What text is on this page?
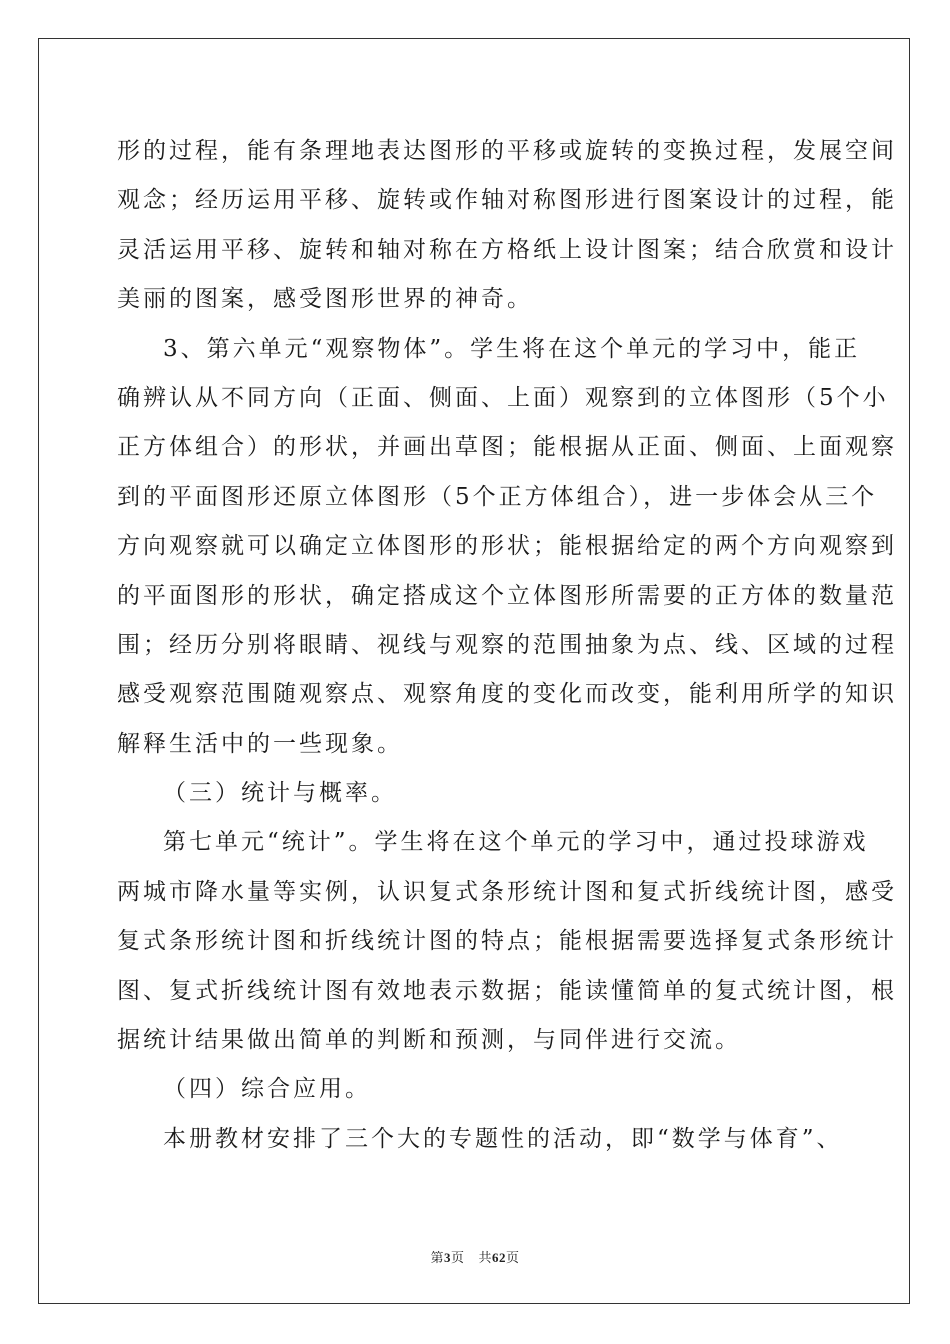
形的过程，能有条理地表达图形的平移或旋转的变换过程，发展空间
观念；经历运用平移、旋转或作轴对称图形进行图案设计的过程，能
灵活运用平移、旋转和轴对称在方格纸上设计图案；结合欣赏和设计
美丽的图案，感受图形世界的神奇。
3、第六单元“观察物体”。学生将在这个单元的学习中，能正
确辨认从不同方向（正面、侧面、上面）观察到的立体图形（5个小
正方体组合）的形状，并画出草图；能根据从正面、侧面、上面观察
到的平面图形还原立体图形（5个正方体组合），进一步体会从三个
方向观察就可以确定立体图形的形状；能根据给定的两个方向观察到
的平面图形的形状，确定搭成这个立体图形所需要的正方体的数量范
围；经历分别将眼睛、视线与观察的范围抽象为点、线、区域的过程
感受观察范围随观察点、观察角度的变化而改变，能利用所学的知识
解释生活中的一些现象。
（三）统计与概率。
第七单元“统计”。学生将在这个单元的学习中，通过投球游戏
两城市降水量等实例，认识复式条形统计图和复式折线统计图，感受
复式条形统计图和折线统计图的特点；能根据需要选择复式条形统计
图、复式折线统计图有效地表示数据；能读懂简单的复式统计图，根
据统计结果做出简单的判断和预测，与同伴进行交流。
（四）综合应用。
本册教材安排了三个大的专题性的活动，即“数学与体育”、
第3页 共62页
